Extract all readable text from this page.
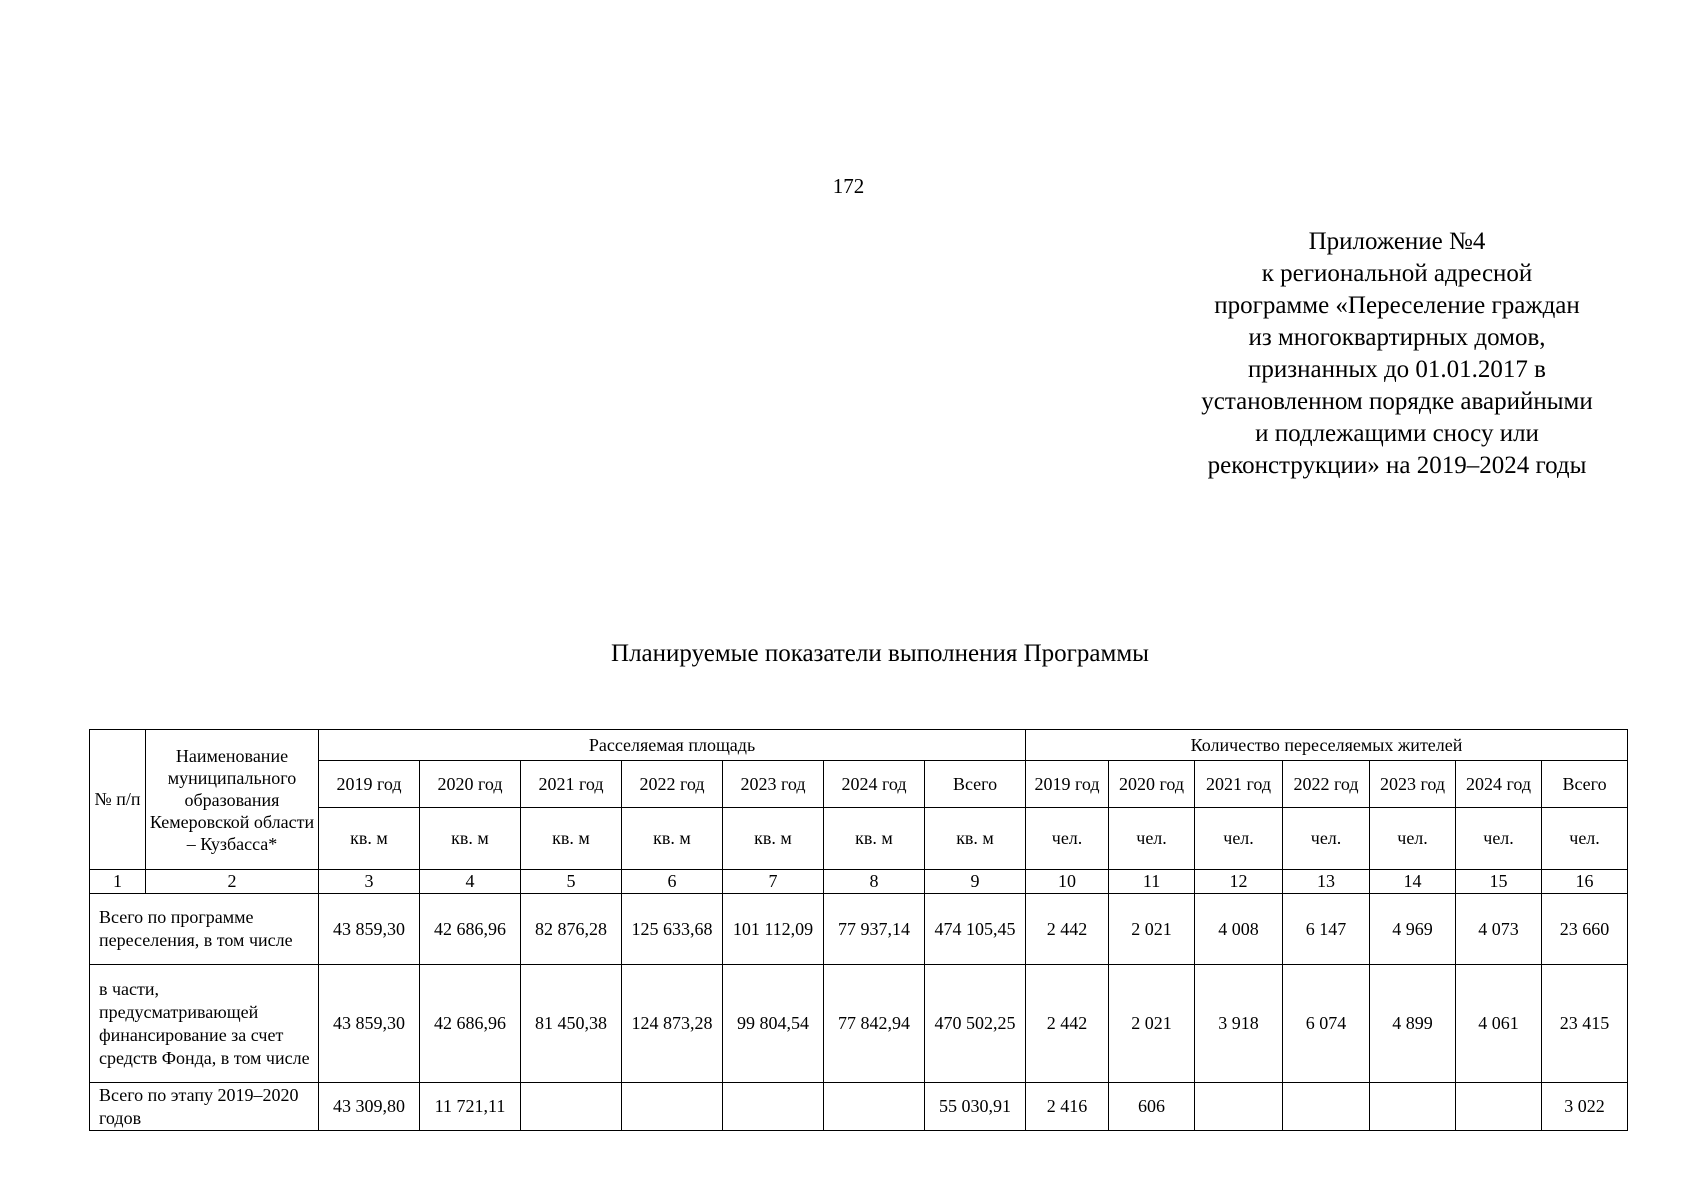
172
Приложение №4
к региональной адресной
программе «Переселение граждан
из многоквартирных домов,
признанных до 01.01.2017 в
установленном порядке аварийными
и подлежащими сносу или
реконструкции» на 2019–2024 годы
Планируемые показатели выполнения Программы
№ п/п	Наименование муниципального образования Кемеровской области – Кузбасса*	Расселяемая площадь							Количество переселяемых жителей						
		2019 год	2020 год	2021 год	2022 год	2023 год	2024 год	Всего	2019 год	2020 год	2021 год	2022 год	2023 год	2024 год	Всего
		кв. м	кв. м	кв. м	кв. м	кв. м	кв. м	кв. м	чел.	чел.	чел.	чел.	чел.	чел.	чел.
1	2	3	4	5	6	7	8	9	10	11	12	13	14	15	16
Всего по программе переселения, в том числе		43 859,30	42 686,96	82 876,28	125 633,68	101 112,09	77 937,14	474 105,45	2 442	2 021	4 008	6 147	4 969	4 073	23 660
в части, предусматривающей финансирование за счет средств Фонда, в том числе		43 859,30	42 686,96	81 450,38	124 873,28	99 804,54	77 842,94	470 502,25	2 442	2 021	3 918	6 074	4 899	4 061	23 415
Всего по этапу 2019–2020 годов		43 309,80	11 721,11					55 030,91	2 416	606					3 022
